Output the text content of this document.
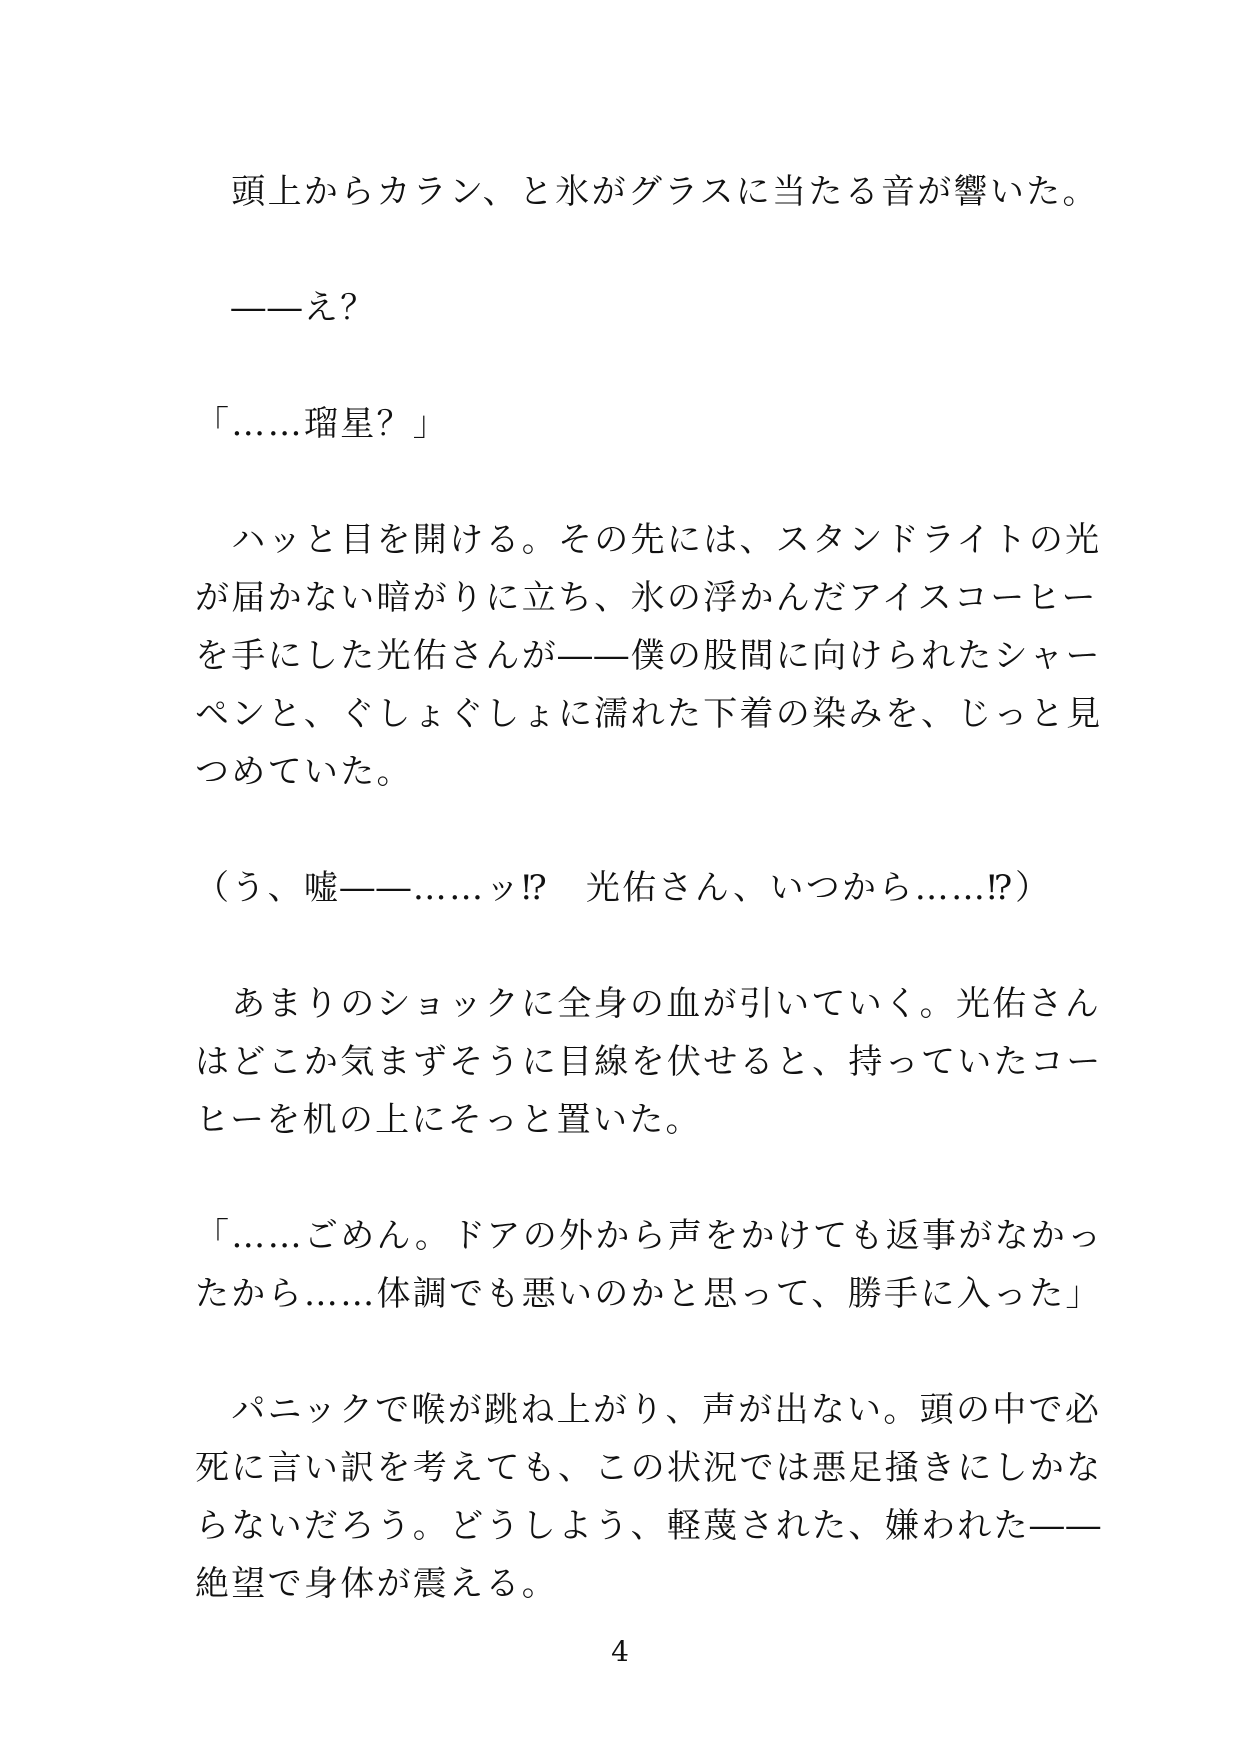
　頭上からカラン、と氷がグラスに当たる音が響いた。
　――え？
「……瑠星？」
　ハッと目を開ける。その先には、スタンドライトの光
が届かない暗がりに立ち、氷の浮かんだアイスコーヒー
を手にした光佑さんが――僕の股間に向けられたシャー
ペンと、ぐしょぐしょに濡れた下着の染みを、じっと見
つめていた。
（う、嘘――……ッ⁉　光佑さん、いつから……⁉）
　あまりのショックに全身の血が引いていく。光佑さん
はどこか気まずそうに目線を伏せると、持っていたコー
ヒーを机の上にそっと置いた。
「……ごめん。ドアの外から声をかけても返事がなかっ
たから……体調でも悪いのかと思って、勝手に入った」
　パニックで喉が跳ね上がり、声が出ない。頭の中で必
死に言い訳を考えても、この状況では悪足掻きにしかな
らないだろう。どうしよう、軽蔑された、嫌われた――
絶望で身体が震える。
4
